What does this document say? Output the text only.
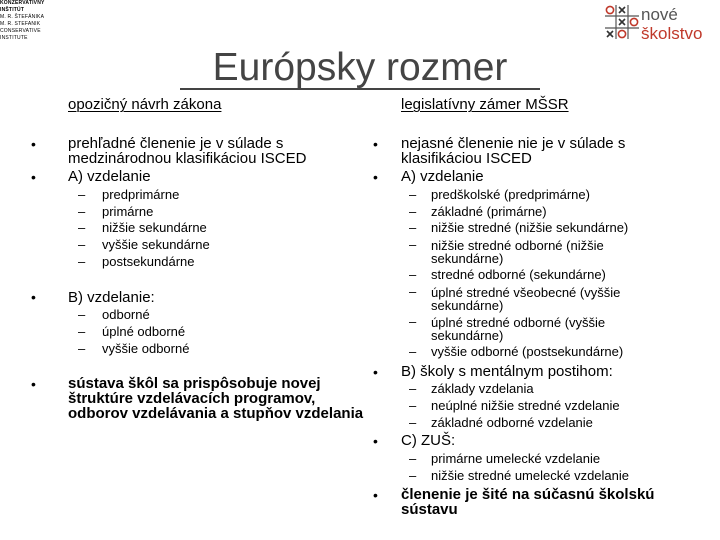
KONZERVATÍVNY
INŠTITÚT
M. R. ŠTEFÁNIKA
M. R. STEFANIK
CONSERVATIVE
INSTITUTE
nové
školstvo
Európsky rozmer
opozičný návrh zákona
• prehľadné členenie je v súlade s medzinárodnou klasifikáciou ISCED
• A) vzdelanie
– predprimárne
– primárne
– nižšie sekundárne
– vyššie sekundárne
– postsekundárne
• B) vzdelanie:
– odborné
– úplné odborné
– vyššie odborné
• sústava škôl sa prispôsobuje novej štruktúre vzdelávacích programov, odborov vzdelávania a stupňov vzdelania
legislatívny zámer MŠSR
• nejasné členenie nie je v súlade s klasifikáciou ISCED
• A) vzdelanie
– predškolské (predprimárne)
– základné (primárne)
– nižšie stredné (nižšie sekundárne)
– nižšie stredné odborné (nižšie sekundárne)
– stredné odborné (sekundárne)
– úplné stredné všeobecné (vyššie sekundárne)
– úplné stredné odborné (vyššie sekundárne)
– vyššie odborné (postsekundárne)
• B) školy s mentálnym postihom:
– základy vzdelania
– neúplné nižšie stredné vzdelanie
– základné odborné vzdelanie
• C) ZUŠ:
– primárne umelecké vzdelanie
– nižšie stredné umelecké vzdelanie
• členenie je šité na súčasnú školskú sústavu
